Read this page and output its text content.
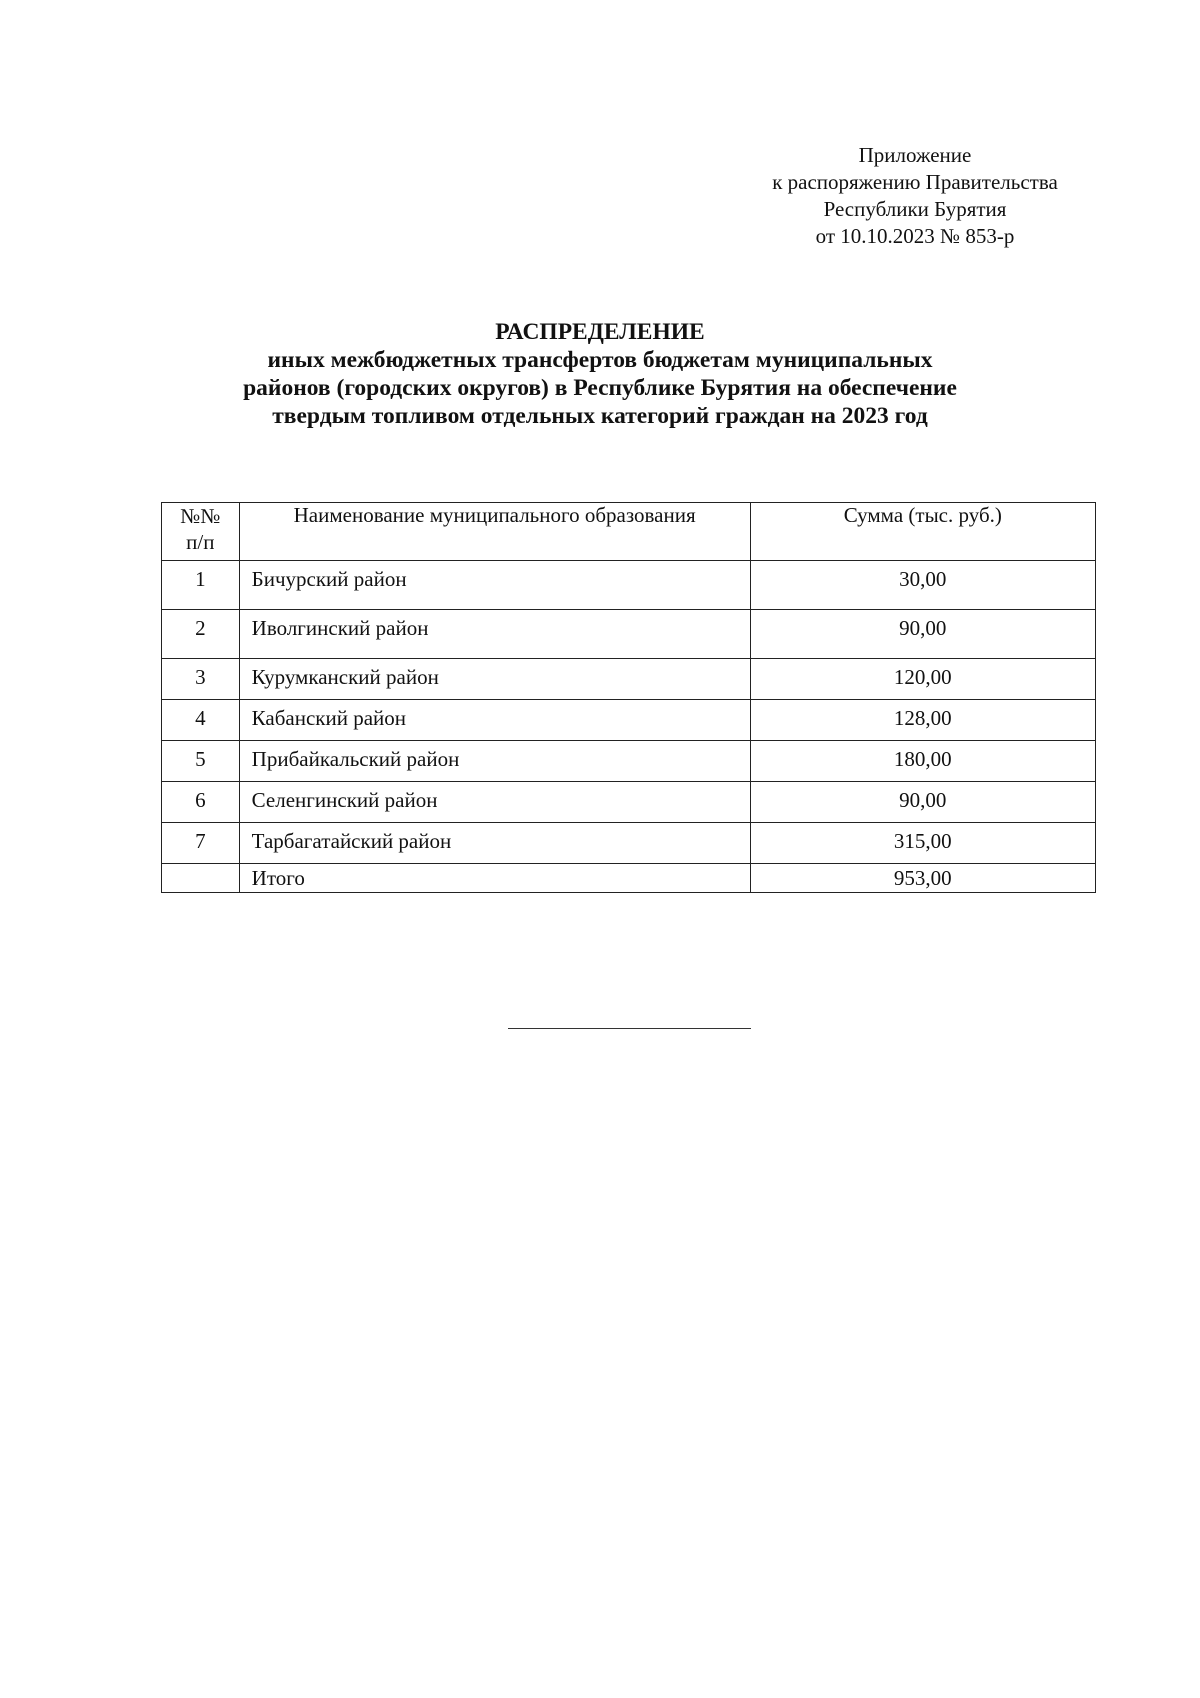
Приложение
к распоряжению Правительства
Республики Бурятия
от 10.10.2023 № 853-р
РАСПРЕДЕЛЕНИЕ
иных межбюджетных трансфертов бюджетам муниципальных
районов (городских округов) в Республике Бурятия на обеспечение
твердым топливом отдельных категорий граждан на 2023 год
№№
п/п	Наименование муниципального образования	Сумма (тыс. руб.)
1	Бичурский район	30,00
2	Иволгинский район	90,00
3	Курумканский район	120,00
4	Кабанский район	128,00
5	Прибайкальский район	180,00
6	Селенгинский район	90,00
7	Тарбагатайский район	315,00
	Итого	953,00
